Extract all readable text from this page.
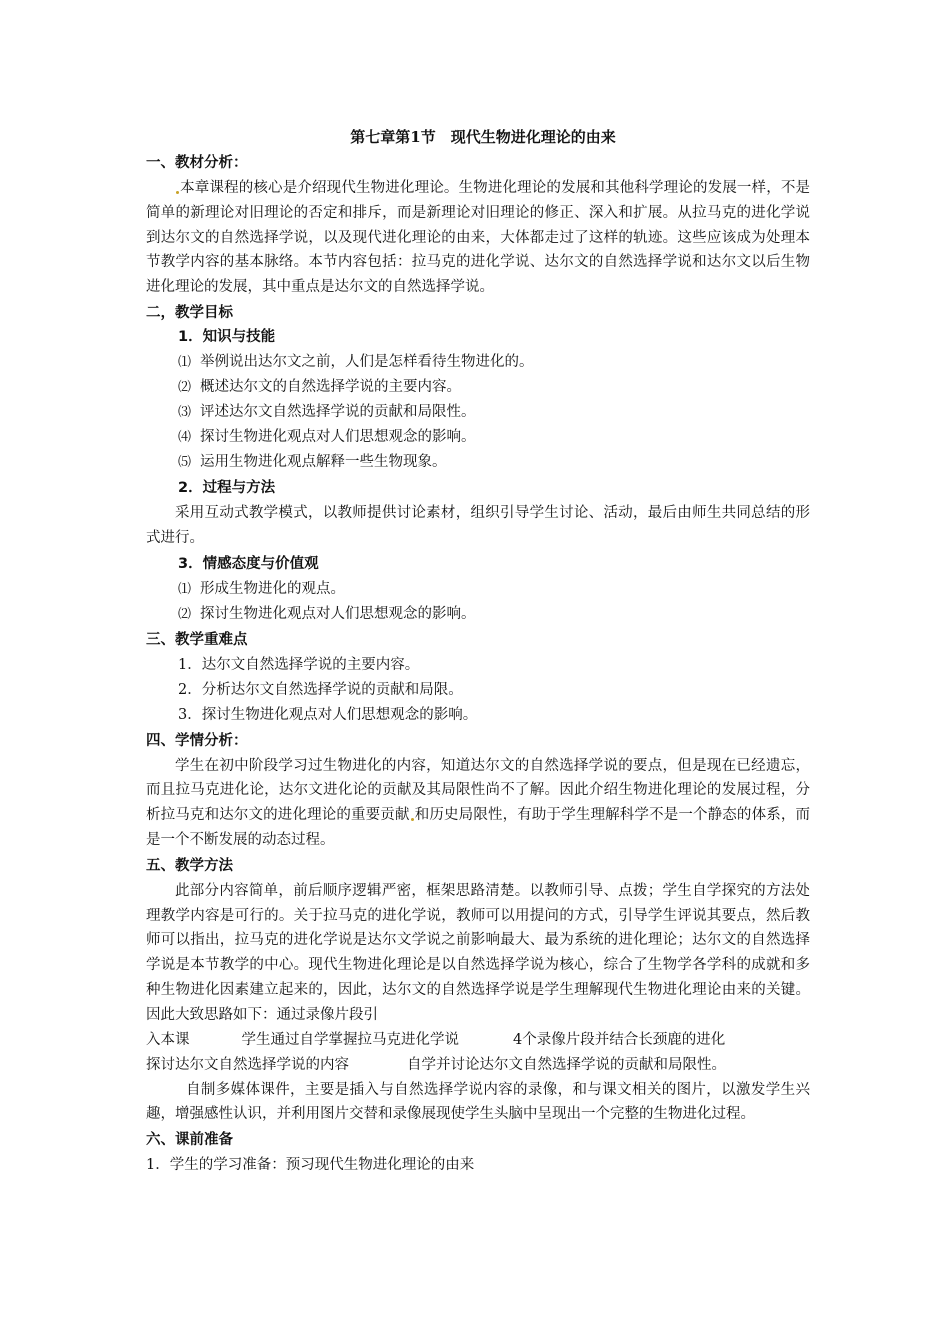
第七章第1节　现代生物进化理论的由来
一、教材分析：

本章课程的核心是介绍现代生物进化理论。生物进化理论的发展和其他科学理论的发展一样，不是简单的新理论对旧理论的否定和排斥，而是新理论对旧理论的修正、深入和扩展。从拉马克的进化学说到达尔文的自然选择学说，以及现代进化理论的由来，大体都走过了这样的轨迹。这些应该成为处理本节教学内容的基本脉络。本节内容包括：拉马克的进化学说、达尔文的自然选择学说和达尔文以后生物进化理论的发展，其中重点是达尔文的自然选择学说。

二，教学目标
1．知识与技能
⑴ 举例说出达尔文之前，人们是怎样看待生物进化的。
⑵ 概述达尔文的自然选择学说的主要内容。
⑶ 评述达尔文自然选择学说的贡献和局限性。
⑷ 探讨生物进化观点对人们思想观念的影响。
⑸ 运用生物进化观点解释一些生物现象。
2．过程与方法

采用互动式教学模式，以教师提供讨论素材，组织引导学生讨论、活动，最后由师生共同总结的形式进行。

3．情感态度与价值观
⑴ 形成生物进化的观点。
⑵ 探讨生物进化观点对人们思想观念的影响。
三、教学重难点
1．达尔文自然选择学说的主要内容。
2．分析达尔文自然选择学说的贡献和局限。
3．探讨生物进化观点对人们思想观念的影响。
四、学情分析：

学生在初中阶段学习过生物进化的内容，知道达尔文的自然选择学说的要点，但是现在已经遗忘，而且拉马克进化论，达尔文进化论的贡献及其局限性尚不了解。因此介绍生物进化理论的发展过程，分析拉马克和达尔文的进化理论的重要贡献 和历史局限性，有助于学生理解科学不是一个静态的体系，而是一个不断发展的动态过程。

五、教学方法

此部分内容简单，前后顺序逻辑严密，框架思路清楚。以教师引导、点拨；学生自学探究的方法处理教学内容是可行的。关于拉马克的进化学说，教师可以用提问的方式，引导学生评说其要点，然后教师可以指出，拉马克的进化学说是达尔文学说之前影响最大、最为系统的进化理论；达尔文的自然选择学说是本节教学的中心。现代生物进化理论是以自然选择学说为核心，综合了生物学各学科的成就和多种生物进化因素建立起来的，因此，达尔文的自然选择学说是学生理解现代生物进化理论由来的关键。因此大致思路如下：通过录像片段引

入本课	学生通过自学掌握拉马克进化学说	4个录像片段并结合长颈鹿的进化
探讨达尔文自然选择学说的内容	自学并讨论达尔文自然选择学说的贡献和局限性。

自制多媒体课件，主要是插入与自然选择学说内容的录像，和与课文相关的图片，以激发学生兴趣，增强感性认识，并利用图片交替和录像展现使学生头脑中呈现出一个完整的生物进化过程。

六、课前准备
1．学生的学习准备：预习现代生物进化理论的由来
